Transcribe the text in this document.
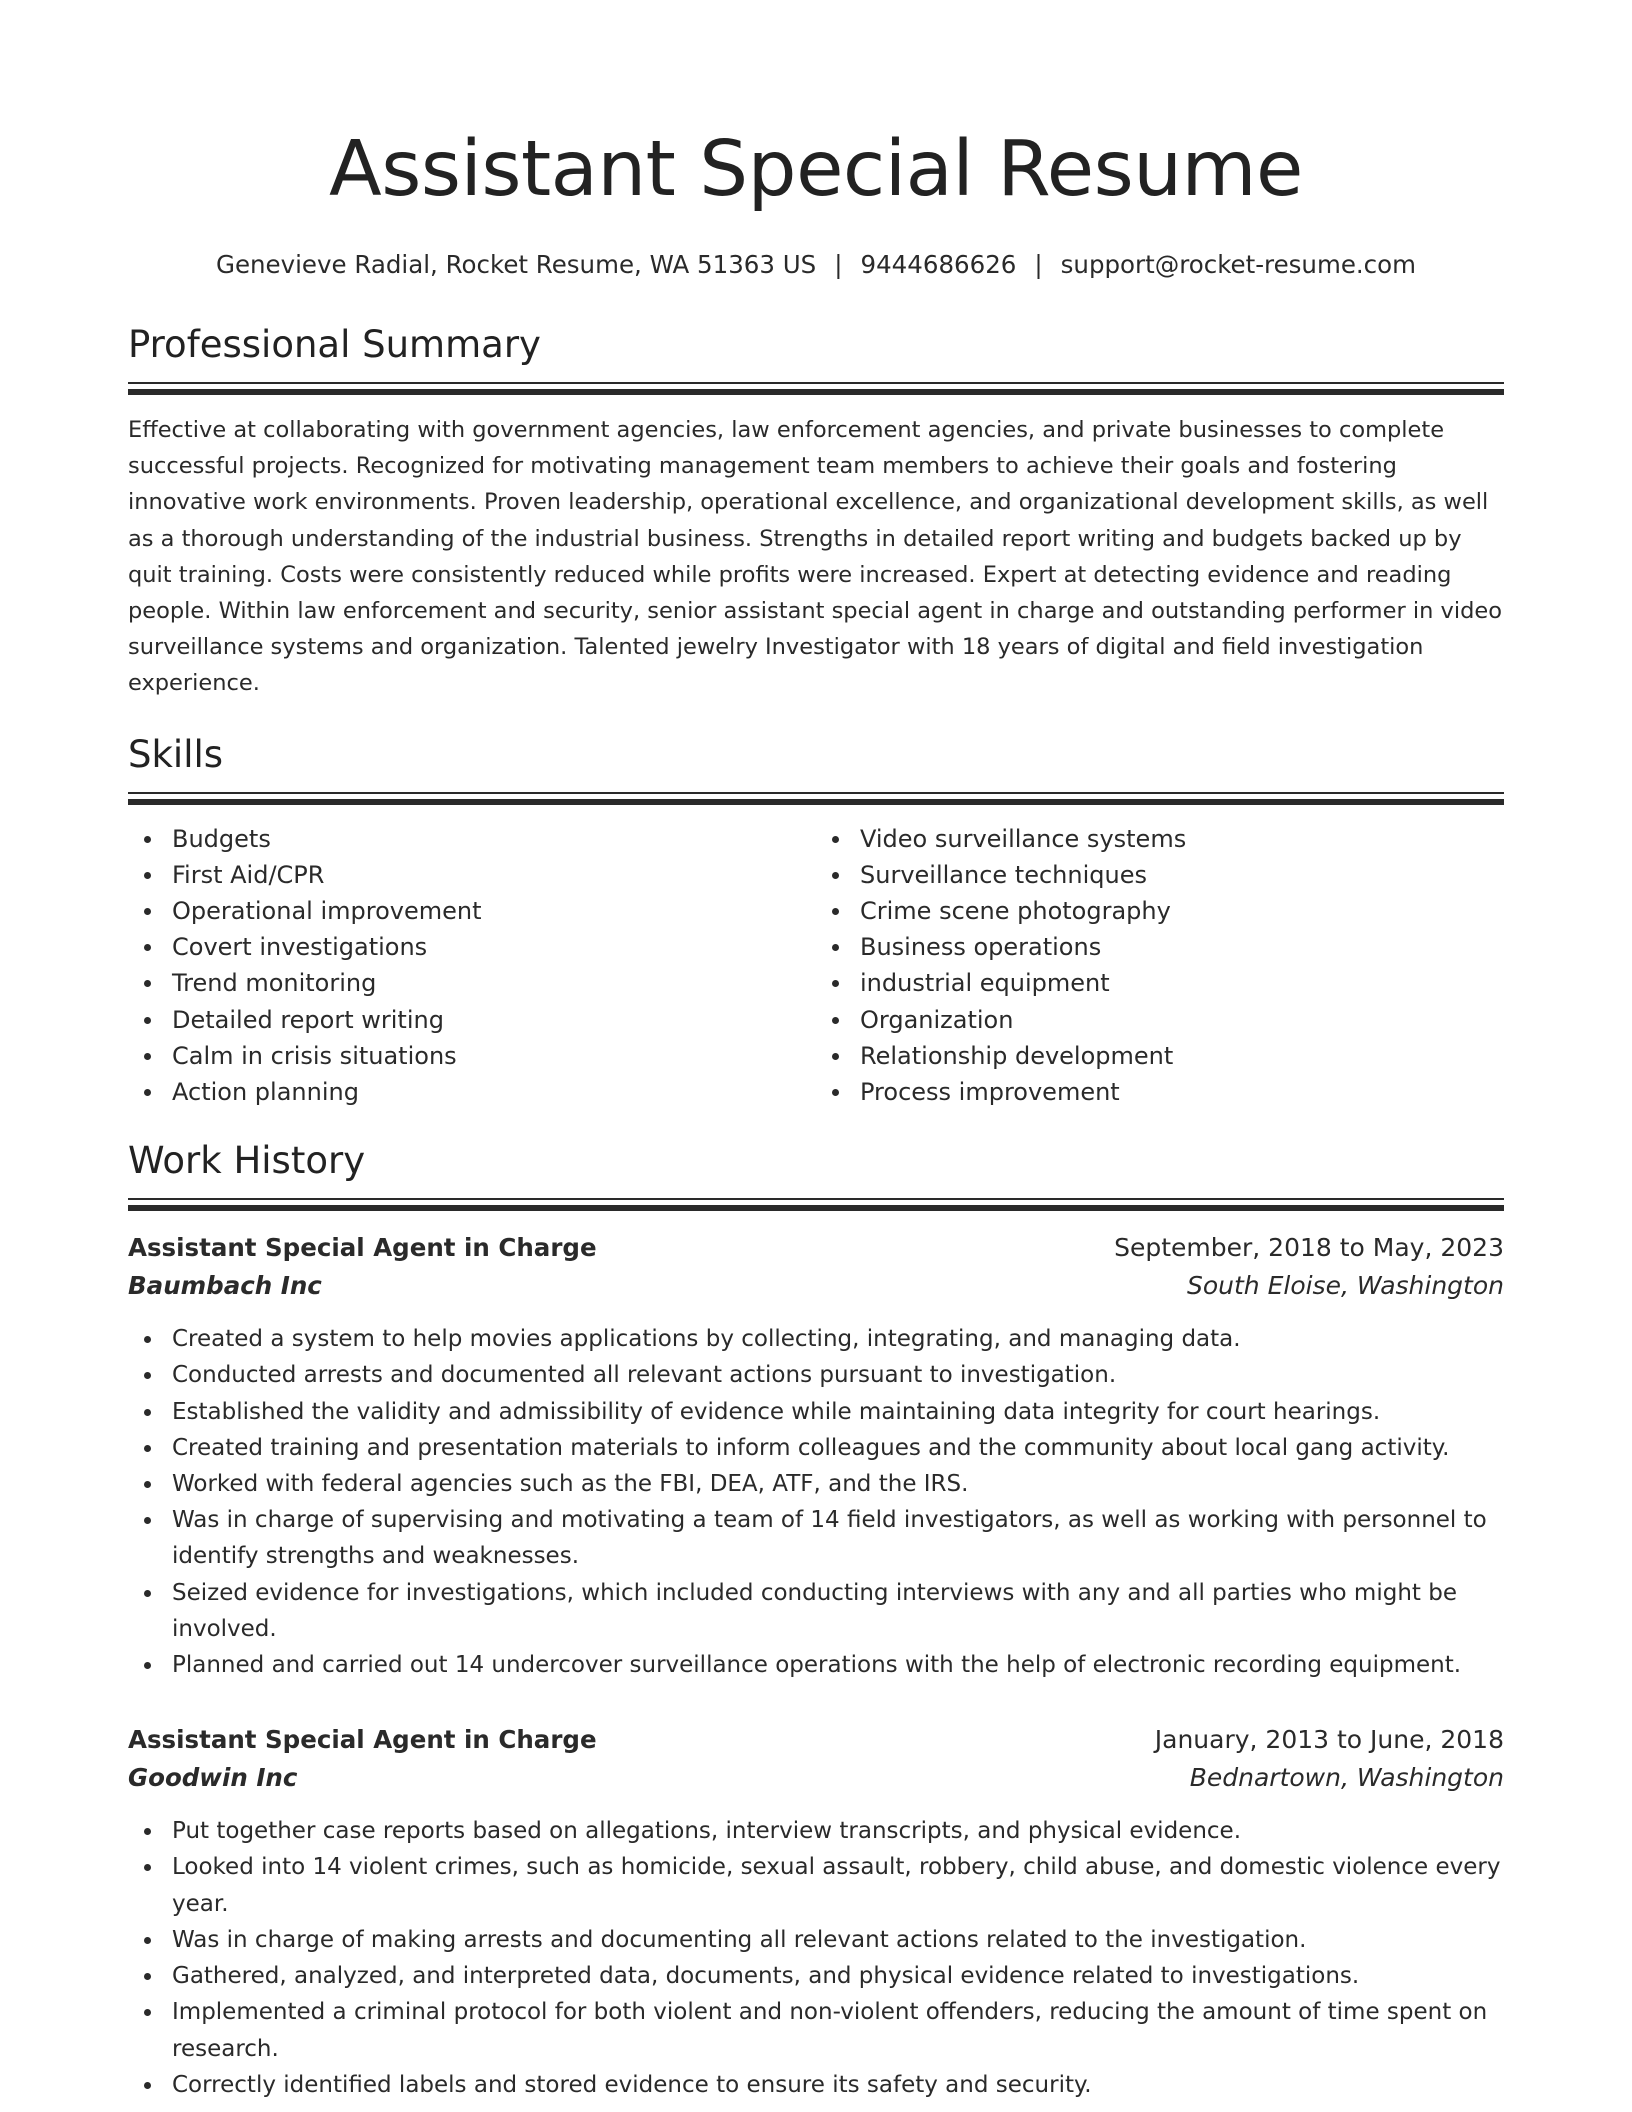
Assistant Special Resume
Genevieve Radial, Rocket Resume, WA 51363 US | 9444686626 | support@rocket-resume.com
Professional Summary

Effective at collaborating with government agencies, law enforcement agencies, and private businesses to complete successful projects. Recognized for motivating management team members to achieve their goals and fostering innovative work environments. Proven leadership, operational excellence, and organizational development skills, as well as a thorough understanding of the industrial business. Strengths in detailed report writing and budgets backed up by quit training. Costs were consistently reduced while profits were increased. Expert at detecting evidence and reading people. Within law enforcement and security, senior assistant special agent in charge and outstanding performer in video surveillance systems and organization. Talented jewelry Investigator with 18 years of digital and field investigation experience.

Skills
Budgets
First Aid/CPR
Operational improvement
Covert investigations
Trend monitoring
Detailed report writing
Calm in crisis situations
Action planning
Video surveillance systems
Surveillance techniques
Crime scene photography
Business operations
industrial equipment
Organization
Relationship development
Process improvement
Work History
Assistant Special Agent in Charge	September, 2018 to May, 2023
Baumbach Inc	South Eloise, Washington
Created a system to help movies applications by collecting, integrating, and managing data.
Conducted arrests and documented all relevant actions pursuant to investigation.
Established the validity and admissibility of evidence while maintaining data integrity for court hearings.
Created training and presentation materials to inform colleagues and the community about local gang activity.
Worked with federal agencies such as the FBI, DEA, ATF, and the IRS.
Was in charge of supervising and motivating a team of 14 field investigators, as well as working with personnel to identify strengths and weaknesses.
Seized evidence for investigations, which included conducting interviews with any and all parties who might be involved.
Planned and carried out 14 undercover surveillance operations with the help of electronic recording equipment.
Assistant Special Agent in Charge	January, 2013 to June, 2018
Goodwin Inc	Bednartown, Washington
Put together case reports based on allegations, interview transcripts, and physical evidence.
Looked into 14 violent crimes, such as homicide, sexual assault, robbery, child abuse, and domestic violence every year.
Was in charge of making arrests and documenting all relevant actions related to the investigation.
Gathered, analyzed, and interpreted data, documents, and physical evidence related to investigations.
Implemented a criminal protocol for both violent and non-violent offenders, reducing the amount of time spent on research.
Correctly identified labels and stored evidence to ensure its safety and security.
